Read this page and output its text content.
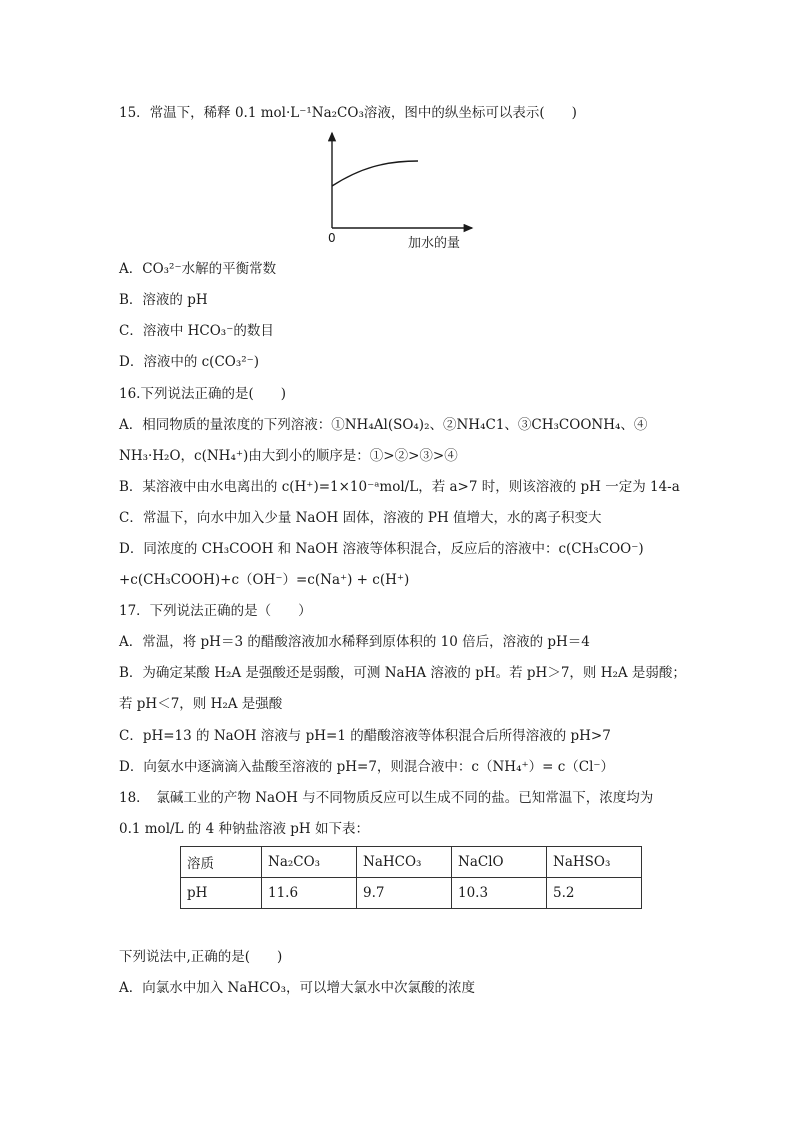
15．常温下，稀释 0.1 mol·L⁻¹Na₂CO₃溶液，图中的纵坐标可以表示(　　)
0	加水的量
A．CO₃²⁻水解的平衡常数
B．溶液的 pH
C．溶液中 HCO₃⁻的数目
D．溶液中的 c(CO₃²⁻)
16.下列说法正确的是(　　)
A．相同物质的量浓度的下列溶液：①NH₄Al(SO₄)₂、②NH₄C1、③CH₃COONH₄、④
NH₃·H₂O，c(NH₄⁺)由大到小的顺序是：①>②>③>④
B．某溶液中由水电离出的 c(H⁺)=1×10⁻ᵃmol/L，若 a>7 时，则该溶液的 pH 一定为 14-a
C．常温下，向水中加入少量 NaOH 固体，溶液的 PH 值增大，水的离子积变大
D．同浓度的 CH₃COOH 和 NaOH 溶液等体积混合，反应后的溶液中：c(CH₃COO⁻)
+c(CH₃COOH)+c（OH⁻）=c(Na⁺) + c(H⁺)
17．下列说法正确的是（　　）
A．常温，将 pH＝3 的醋酸溶液加水稀释到原体积的 10 倍后，溶液的 pH＝4
B．为确定某酸 H₂A 是强酸还是弱酸，可测 NaHA 溶液的 pH。若 pH＞7，则 H₂A 是弱酸；
若 pH＜7，则 H₂A 是强酸
C．pH=13 的 NaOH 溶液与 pH=1 的醋酸溶液等体积混合后所得溶液的 pH>7
D．向氨水中逐滴滴入盐酸至溶液的 pH=7，则混合液中：c（NH₄⁺）= c（Cl⁻）
18．　氯碱工业的产物 NaOH 与不同物质反应可以生成不同的盐。已知常温下，浓度均为
0.1 mol/L 的 4 种钠盐溶液 pH 如下表：
溶质	Na₂CO₃	NaHCO₃	NaClO	NaHSO₃
pH	11.6	9.7	10.3	5.2
下列说法中,正确的是(　　)
A．向氯水中加入 NaHCO₃，可以增大氯水中次氯酸的浓度
